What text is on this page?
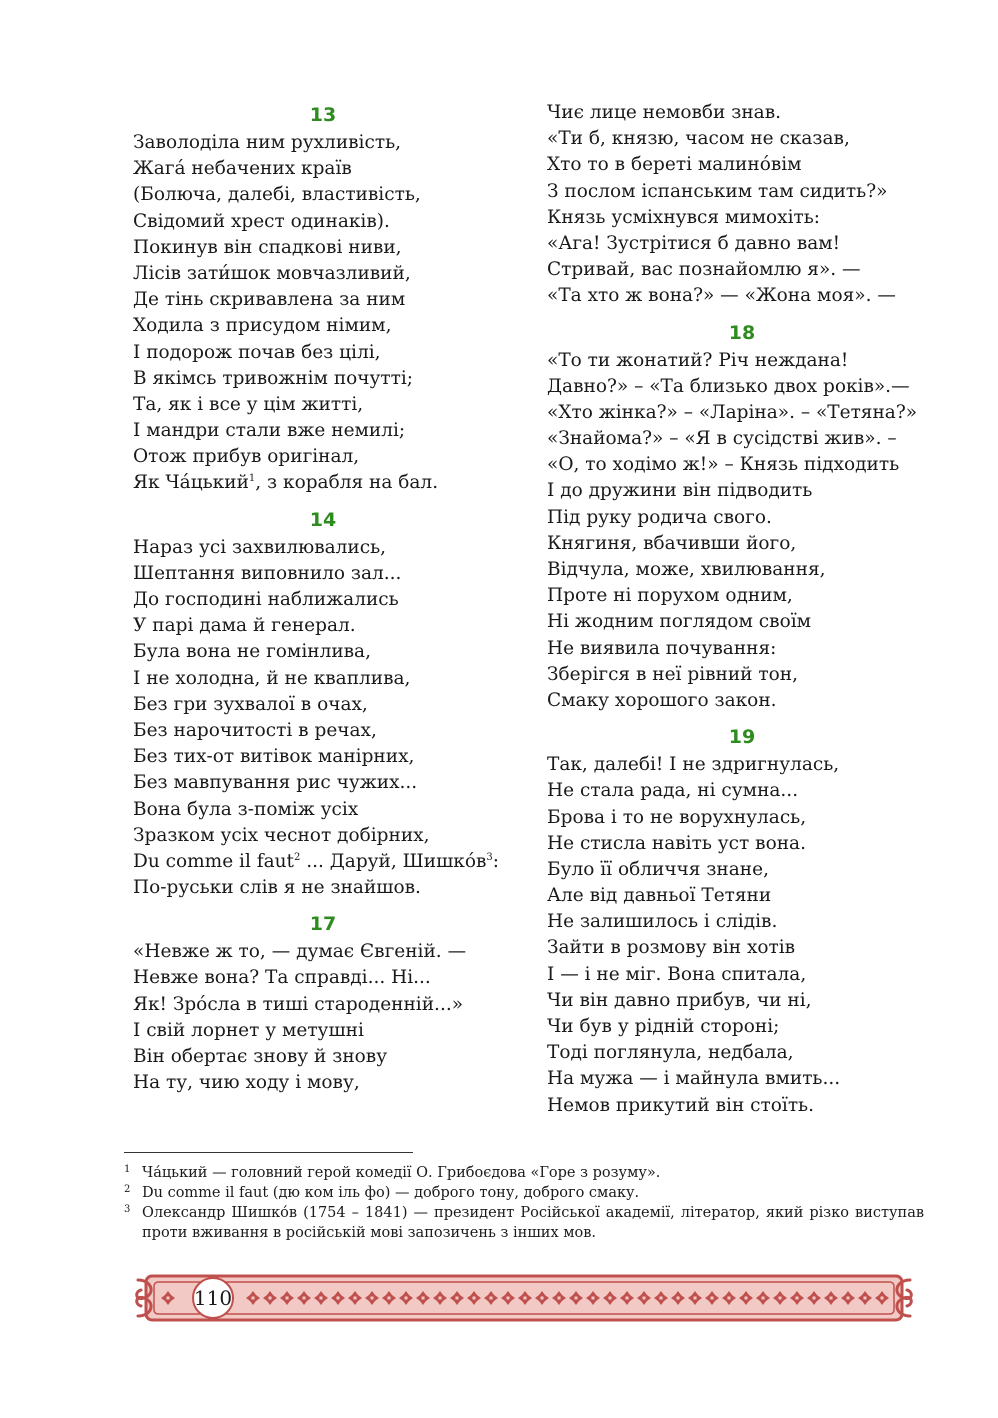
13
Заволоділа ним рухливість,
Жага́ небачених країв
(Болюча, далебі, властивість,
Свідомий хрест одинаків).
Покинув він спадкові ниви,
Лісів зати́шок мовчазливий,
Де тінь скривавлена за ним
Ходила з присудом німим,
І подорож почав без цілі,
В якімсь тривожнім почутті;
Та, як і все у цім житті,
І мандри стали вже немилі;
Отож прибув оригінал,
Як Ча́цький$^1$, з корабля на бал.
14
Нараз усі захвилювались,
Шептання виповнило зал...
До господині наближались
У парі дама й генерал.
Була вона не гомінлива,
І не холодна, й не кваплива,
Без гри зухвалої в очах,
Без нарочитості в речах,
Без тих-от витівок манірних,
Без мавпування рис чужих...
Вона була з-поміж усіх
Зразком усіх чеснот добірних,
Du comme il faut$^2$ ... Даруй, Шишко́в$^3$:
По-руськи слів я не знайшов.
17
«Невже ж то, — думає Євгеній. —
Невже вона? Та справді... Ні...
Як! Зро́сла в тиші староденній...»
І свій лорнет у метушні
Він обертає знову й знову
На ту, чию ходу і мову,
Чиє лице немовби знав.
«Ти б, князю, часом не сказав,
Хто то в береті малино́вім
З послом іспанським там сидить?»
Князь усміхнувся мимохіть:
«Ага! Зустрітися б давно вам!
Стривай, вас познайомлю я». —
«Та хто ж вона?» — «Жона моя». —
18
«То ти жонатий? Річ неждана!
Давно?» – «Та близько двох років».—
«Хто жінка?» – «Ларіна». – «Тетяна?»
«Знайома?» – «Я в сусідстві жив». –
«О, то ходімо ж!» – Князь підходить
І до дружини він підводить
Під руку родича свого.
Княгиня, вбачивши його,
Відчула, може, хвилювання,
Проте ні порухом одним,
Ні жодним поглядом своїм
Не виявила почування:
Зберігся в неї рівний тон,
Смаку хорошого закон.
19
Так, далебі! І не здригнулась,
Не стала рада, ні сумна...
Брова і то не ворухнулась,
Не стисла навіть уст вона.
Було її обличчя знане,
Але від давньої Тетяни
Не залишилось і слідів.
Зайти в розмову він хотів
І — і не міг. Вона спитала,
Чи він давно прибув, чи ні,
Чи був у рідній стороні;
Тоді поглянула, недбала,
На мужа — і майнула вмить...
Немов прикутий він стоїть.
1 Ча́цький — головний герой комедії О. Грибоєдова «Горе з розуму».
2 Du comme il faut (дю ком іль фо) — доброго тону, доброго смаку.
3 Олександр Шишко́в (1754 – 1841) — президент Російської академії, літератор, який різко виступав проти вживання в російській мові запозичень з інших мов.
110
